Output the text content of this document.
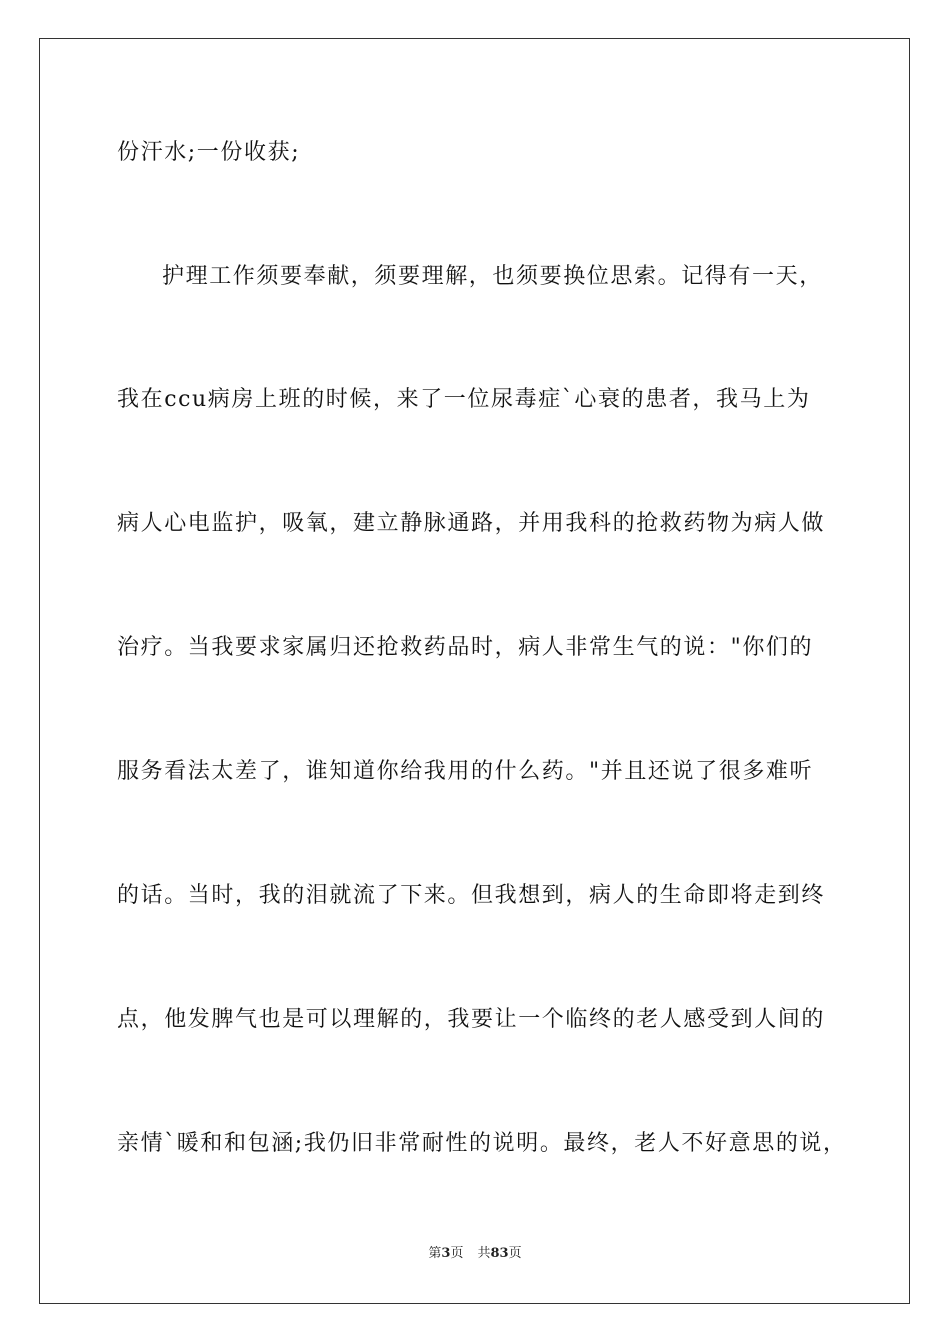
份汗水;一份收获;
护理工作须要奉献，须要理解，也须要换位思索。记得有一天，
我在ccu病房上班的时候，来了一位尿毒症`心衰的患者，我马上为
病人心电监护，吸氧，建立静脉通路，并用我科的抢救药物为病人做
治疗。当我要求家属归还抢救药品时，病人非常生气的说："你们的
服务看法太差了，谁知道你给我用的什么药。"并且还说了很多难听
的话。当时，我的泪就流了下来。但我想到，病人的生命即将走到终
点，他发脾气也是可以理解的，我要让一个临终的老人感受到人间的
亲情`暖和和包涵;我仍旧非常耐性的说明。最终，老人不好意思的说，
第3页 共83页
